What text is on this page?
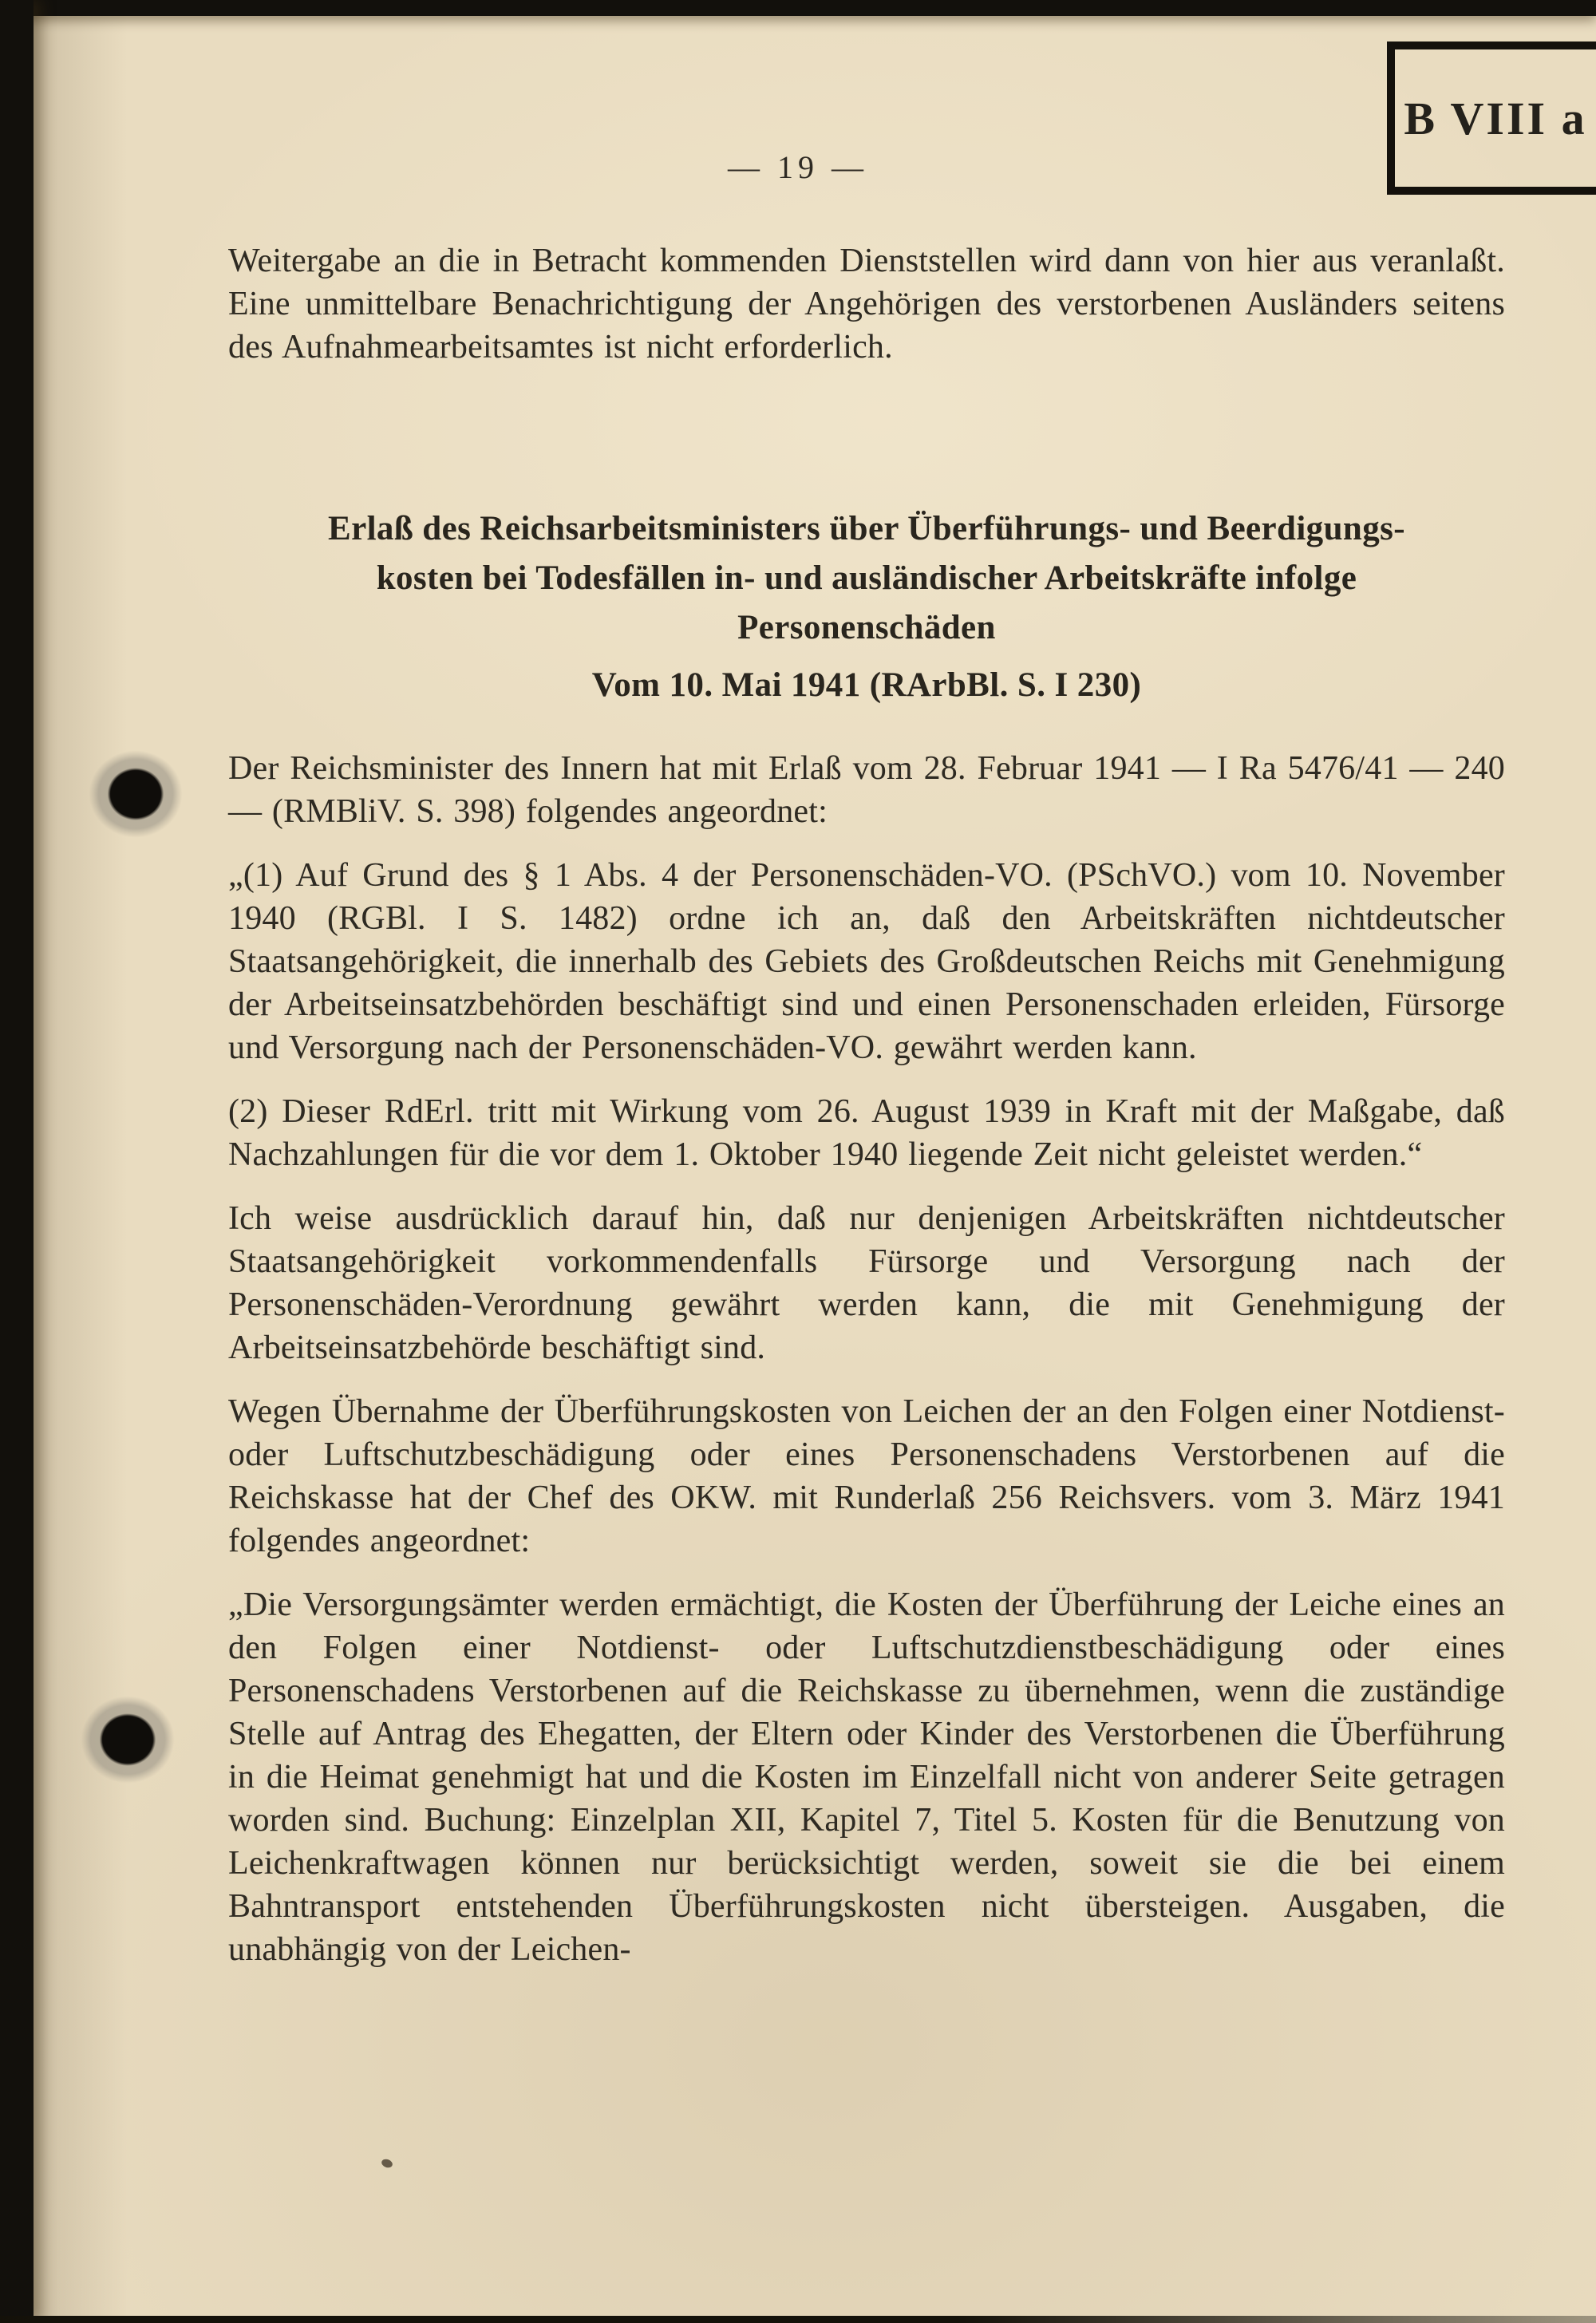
B VIII a
— 19 —

Weitergabe an die in Betracht kommenden Dienststellen wird dann von hier aus veranlaßt. Eine unmittelbare Benachrichtigung der Angehörigen des verstorbenen Ausländers seitens des Aufnahmearbeitsamtes ist nicht erforderlich.

Erlaß des Reichsarbeitsministers über Überführungs- und Beerdigungs-
kosten bei Todesfällen in- und ausländischer Arbeitskräfte infolge
Personenschäden
Vom 10. Mai 1941 (RArbBl. S. I 230)

Der Reichsminister des Innern hat mit Erlaß vom 28. Februar 1941 — I Ra 5476/41 — 240 — (RMBliV. S. 398) folgendes angeordnet:

„(1) Auf Grund des § 1 Abs. 4 der Personenschäden-VO. (PSchVO.) vom 10. November 1940 (RGBl. I S. 1482) ordne ich an, daß den Arbeitskräften nichtdeutscher Staatsangehörigkeit, die innerhalb des Gebiets des Großdeutschen Reichs mit Genehmigung der Arbeitseinsatzbehörden beschäftigt sind und einen Personenschaden erleiden, Fürsorge und Versorgung nach der Personenschäden-VO. gewährt werden kann.

(2) Dieser RdErl. tritt mit Wirkung vom 26. August 1939 in Kraft mit der Maßgabe, daß Nachzahlungen für die vor dem 1. Oktober 1940 liegende Zeit nicht geleistet werden.“

Ich weise ausdrücklich darauf hin, daß nur denjenigen Arbeitskräften nichtdeutscher Staatsangehörigkeit vorkommendenfalls Fürsorge und Versorgung nach der Personenschäden-Verordnung gewährt werden kann, die mit Genehmigung der Arbeitseinsatzbehörde beschäftigt sind.

Wegen Übernahme der Überführungskosten von Leichen der an den Folgen einer Notdienst- oder Luftschutzbeschädigung oder eines Personenschadens Verstorbenen auf die Reichskasse hat der Chef des OKW. mit Runderlaß 256 Reichsvers. vom 3. März 1941 folgendes angeordnet:

„Die Versorgungsämter werden ermächtigt, die Kosten der Überführung der Leiche eines an den Folgen einer Notdienst- oder Luftschutzdienstbeschädigung oder eines Personenschadens Verstorbenen auf die Reichskasse zu übernehmen, wenn die zuständige Stelle auf Antrag des Ehegatten, der Eltern oder Kinder des Verstorbenen die Überführung in die Heimat genehmigt hat und die Kosten im Einzelfall nicht von anderer Seite getragen worden sind. Buchung: Einzelplan XII, Kapitel 7, Titel 5. Kosten für die Benutzung von Leichenkraftwagen können nur berücksichtigt werden, soweit sie die bei einem Bahntransport entstehenden Überführungskosten nicht übersteigen. Ausgaben, die unabhängig von der Leichen-
